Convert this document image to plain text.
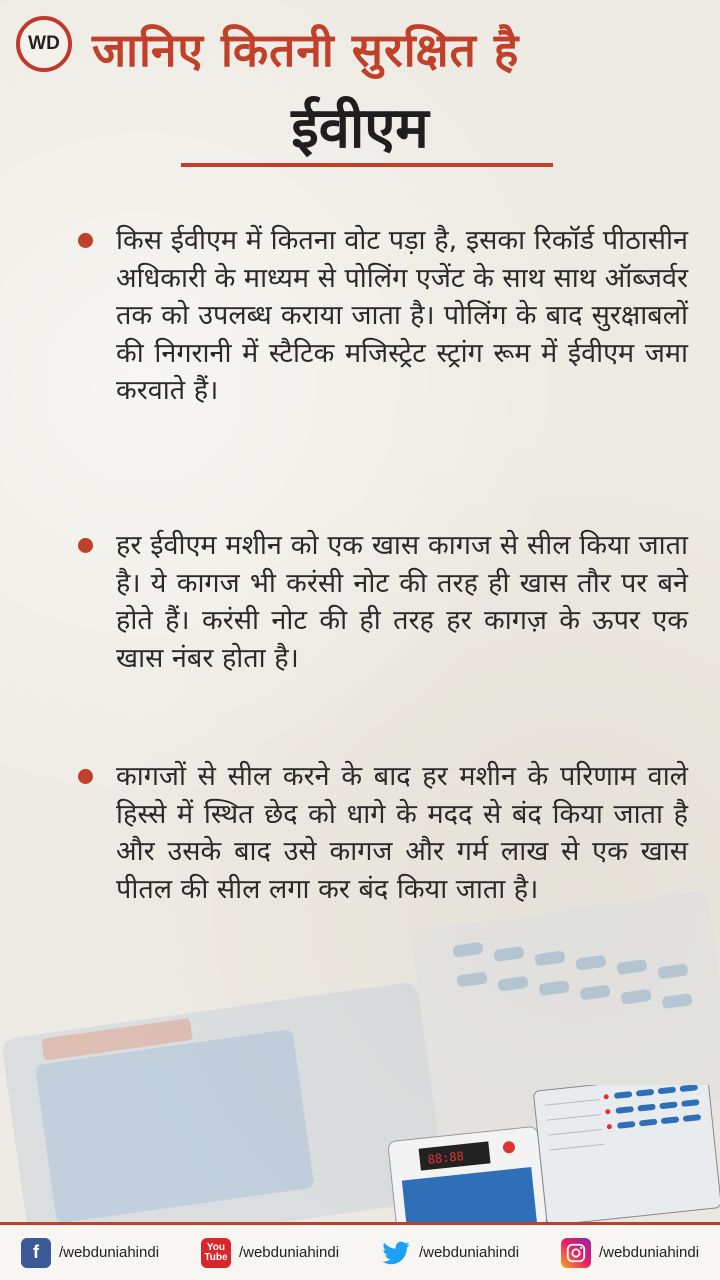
88:88
WD जानिए कितनी सुरक्षित है
ईवीएम
किस ईवीएम में कितना वोट पड़ा है, इसका रिकॉर्ड पीठासीन अधिकारी के माध्यम से पोलिंग एजेंट के साथ साथ ऑब्जर्वर तक को उपलब्ध कराया जाता है। पोलिंग के बाद सुरक्षाबलों की निगरानी में स्टैटिक मजिस्ट्रेट स्ट्रांग रूम में ईवीएम जमा करवाते हैं।
हर ईवीएम मशीन को एक खास कागज से सील किया जाता है। ये कागज भी करंसी नोट की तरह ही खास तौर पर बने होते हैं। करंसी नोट की ही तरह हर कागज़ के ऊपर एक खास नंबर होता है।
कागजों से सील करने के बाद हर मशीन के परिणाम वाले हिस्से में स्थित छेद को धागे के मदद से बंद किया जाता है और उसके बाद उसे कागज और गर्म लाख से एक खास पीतल की सील लगा कर बंद किया जाता है।
f	/webduniahindi	You
Tube /webduniahindi	/webduniahindi	/webduniahindi
